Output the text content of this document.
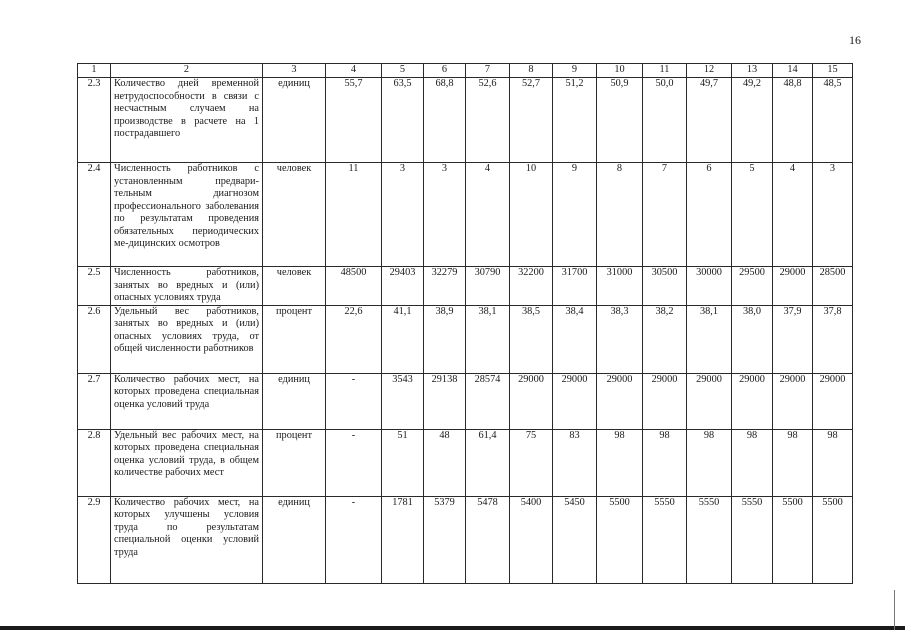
16
1	2	3	4	5	6	7	8	9	10	11	12	13	14	15
2.3	Количество дней временной нетрудоспособности в связи с несчастным случаем на производстве в расчете на 1 пострадавшего	единиц	55,7	63,5	68,8	52,6	52,7	51,2	50,9	50,0	49,7	49,2	48,8	48,5
2.4	Численность работников с установленным предвари-тельным диагнозом профессионального заболевания по результатам проведения обязательных периодических ме-дицинских осмотров	человек	11	3	3	4	10	9	8	7	6	5	4	3
2.5	Численность работников, занятых во вредных и (или) опасных условиях труда	человек	48500	29403	32279	30790	32200	31700	31000	30500	30000	29500	29000	28500
2.6	Удельный вес работников, занятых во вредных и (или) опасных условиях труда, от общей численности работников	процент	22,6	41,1	38,9	38,1	38,5	38,4	38,3	38,2	38,1	38,0	37,9	37,8
2.7	Количество рабочих мест, на которых проведена специальная оценка условий труда	единиц	-	3543	29138	28574	29000	29000	29000	29000	29000	29000	29000	29000
2.8	Удельный вес рабочих мест, на которых проведена специальная оценка условий труда, в общем количестве рабочих мест	процент	-	51	48	61,4	75	83	98	98	98	98	98	98
2.9	Количество рабочих мест, на которых улучшены условия труда по результатам специальной оценки условий труда	единиц	-	1781	5379	5478	5400	5450	5500	5550	5550	5550	5500	5500
